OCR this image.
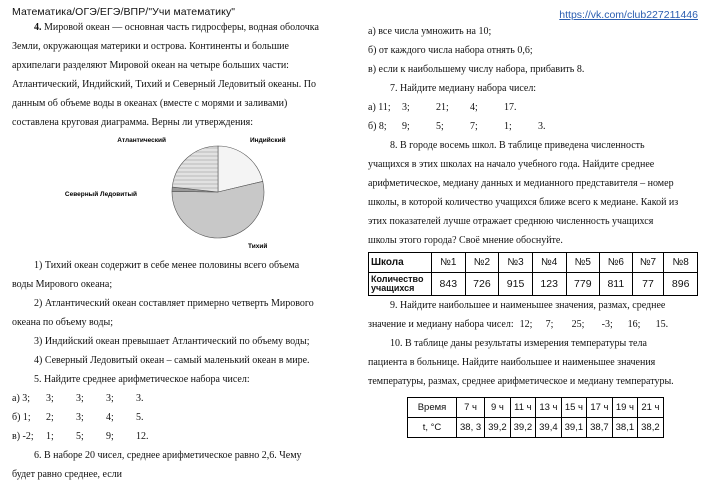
Математика/ОГЭ/ЕГЭ/ВПР/"Учи математику"	https://vk.com/club227211446

4. Мировой океан — основная часть гидросферы, водная оболочка

Земли, окружающая материки и острова. Континенты и большие

архипелаги разделяют Мировой океан на четыре больших части:

Атлантический, Индийский, Тихий и Северный Ледовитый океаны. По

данным об объеме воды в океанах (вместе с морями и заливами)

составлена круговая диаграмма. Верны ли утверждения:

Индийский
Тихий
Северный Ледовитый
Атлантический

1) Тихий океан содержит в себе менее половины всего объема

воды Мирового океана;

2) Атлантический океан составляет примерно четверть Мирового

океана по объему воды;

3) Индийский океан превышает Атлантический по объему воды;

4) Северный Ледовитый океан – самый маленький океан в мире.

5. Найдите среднее арифметическое набора чисел:

а) 3;	3;	3;	3;	3.
б) 1;	2;	3;	4;	5.
в) -2;	1;	5;	9;	12.

6. В наборе 20 чисел, среднее арифметическое равно 2,6. Чему

будет равно среднее, если

а) все числа умножить на 10;

б) от каждого числа набора отнять 0,6;

в) если к наибольшему числу набора, прибавить 8.

7. Найдите медиану набора чисел:

а) 11;	3;	21;	4;	17.
б) 8;	9;	5;	7;	1;	3.

8. В городе восемь школ. В таблице приведена численность

учащихся в этих школах на начало учебного года. Найдите среднее

арифметическое, медиану данных и медианного представителя – номер

школы, в которой количество учащихся ближе всего к медиане. Какой из

этих показателей лучше отражает среднюю численность учащихся

школы этого города? Своё мнение обоснуйте.

Школа	№1	№2	№3	№4	№5	№6	№7	№8
Количество учащихся	843	726	915	123	779	811	77	896

9. Найдите наибольшее и наименьшее значения, размах, среднее

значение и медиану набора чисел: 12;	7;	25;	-3;	16;	15.

10. В таблице даны результаты измерения температуры тела

пациента в больнице. Найдите наибольшее и наименьшее значения

температуры, размах, среднее арифметическое и медиану температуры.

Время	7 ч	9 ч	11 ч	13 ч	15 ч	17 ч	19 ч	21 ч
t, °C	38, 3	39,2	39,2	39,4	39,1	38,7	38,1	38,2
